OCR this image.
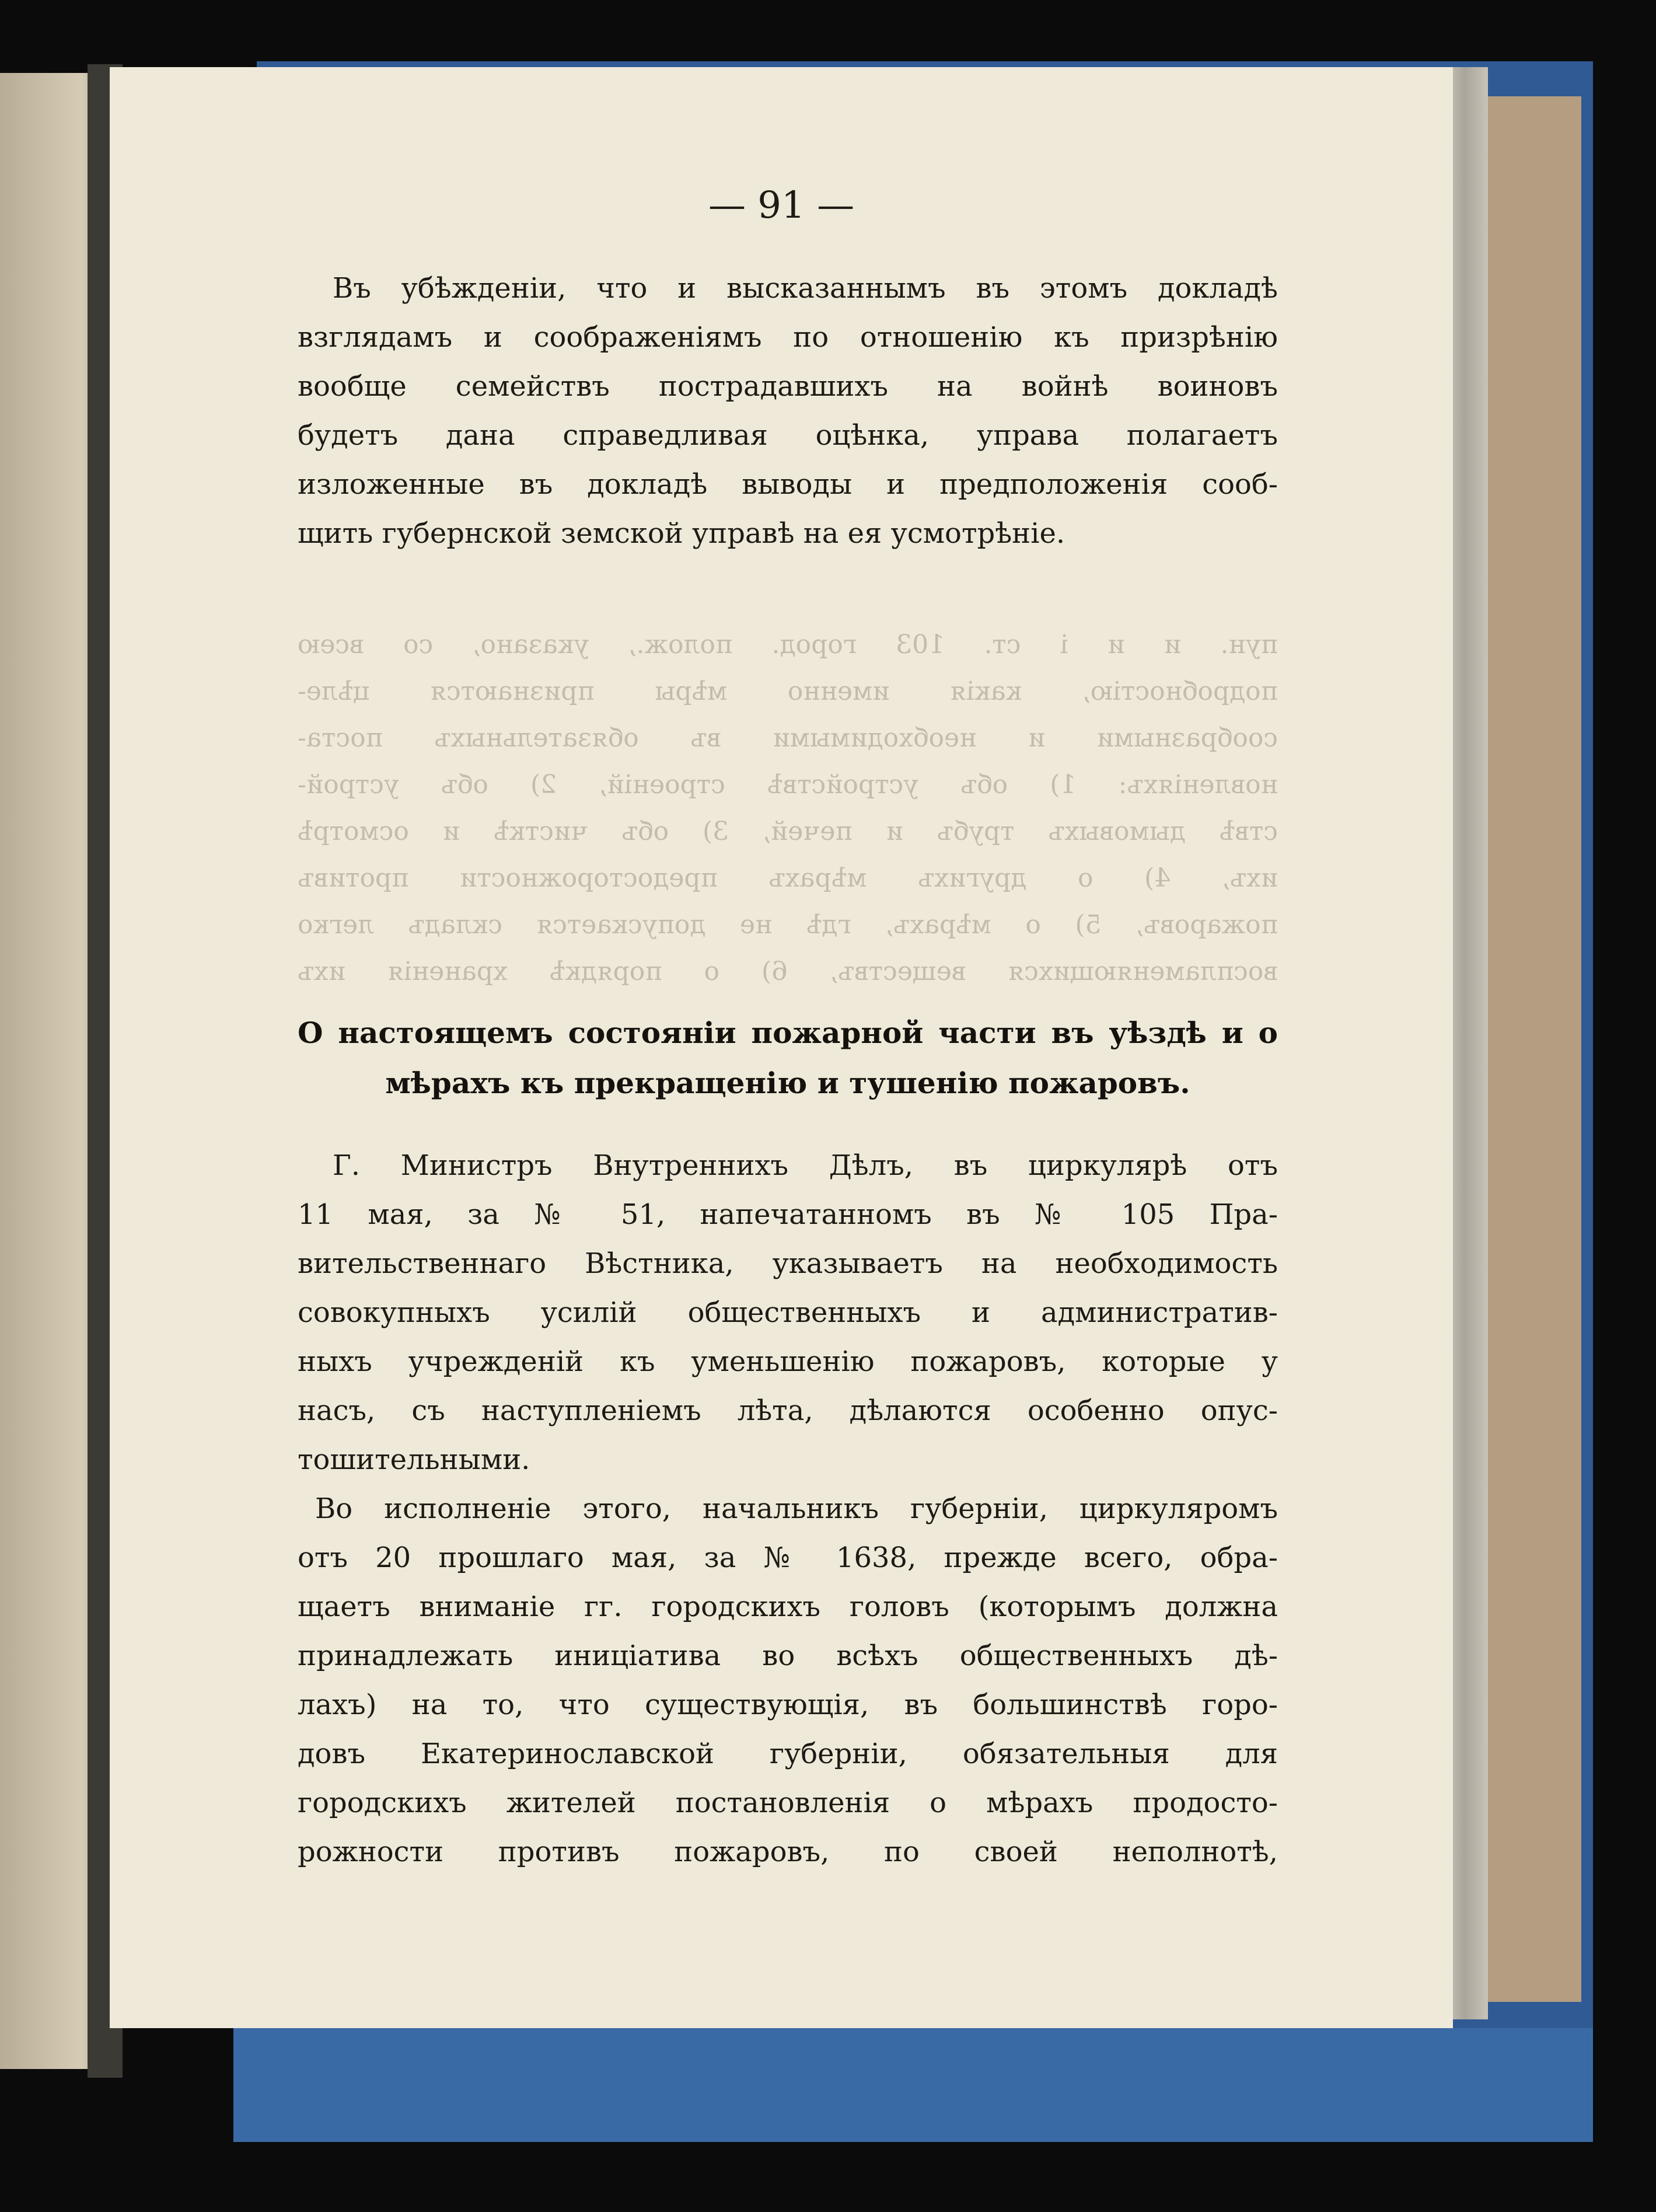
пун. и и і ст. 103 город. полож., указано, со всею
подробностію, какія именно мѣры признаются цѣле-
сообразными и необходимыми въ обязательныхъ поста-
новленіяхъ: 1) объ устройствѣ строеній, 2) объ устрой-
ствѣ дымовыхъ трубъ и печей, 3) объ чисткѣ и осмотрѣ
ихъ, 4) о другихъ мѣрахъ предосторожности противъ
пожаровъ, 5) о мѣрахъ, гдѣ не допускается складъ легко
воспламеняющихся веществъ, 6) о порядкѣ храненія ихъ
— 91 —
Въ убѣжденіи, что и высказаннымъ въ этомъ докладѣ
взглядамъ и соображеніямъ по отношенію къ призрѣнію
вообще семействъ пострадавшихъ на войнѣ воиновъ
будетъ дана справедливая оцѣнка, управа полагаетъ
изложенные въ докладѣ выводы и предположенія сооб-
щить губернской земской управѣ на ея усмотрѣніе.
О настоящемъ состояніи пожарной части въ уѣздѣ и о
мѣрахъ къ прекращенію и тушенію пожаровъ.
Г. Министръ Внутреннихъ Дѣлъ, въ циркулярѣ отъ
11 мая, за № 51, напечатанномъ въ № 105 Пра-
вительственнаго Вѣстника, указываетъ на необходимость
совокупныхъ усилій общественныхъ и административ-
ныхъ учрежденій къ уменьшенію пожаровъ, которые у
насъ, съ наступленіемъ лѣта, дѣлаются особенно опус-
тошительными.
Во исполненіе этого, начальникъ губерніи, циркуляромъ
отъ 20 прошлаго мая, за № 1638, прежде всего, обра-
щаетъ вниманіе гг. городскихъ головъ (которымъ должна
принадлежать иниціатива во всѣхъ общественныхъ дѣ-
лахъ) на то, что существующія, въ большинствѣ горо-
довъ Екатеринославской губерніи, обязательныя для
городскихъ жителей постановленія о мѣрахъ продосто-
рожности противъ пожаровъ, по своей неполнотѣ,
